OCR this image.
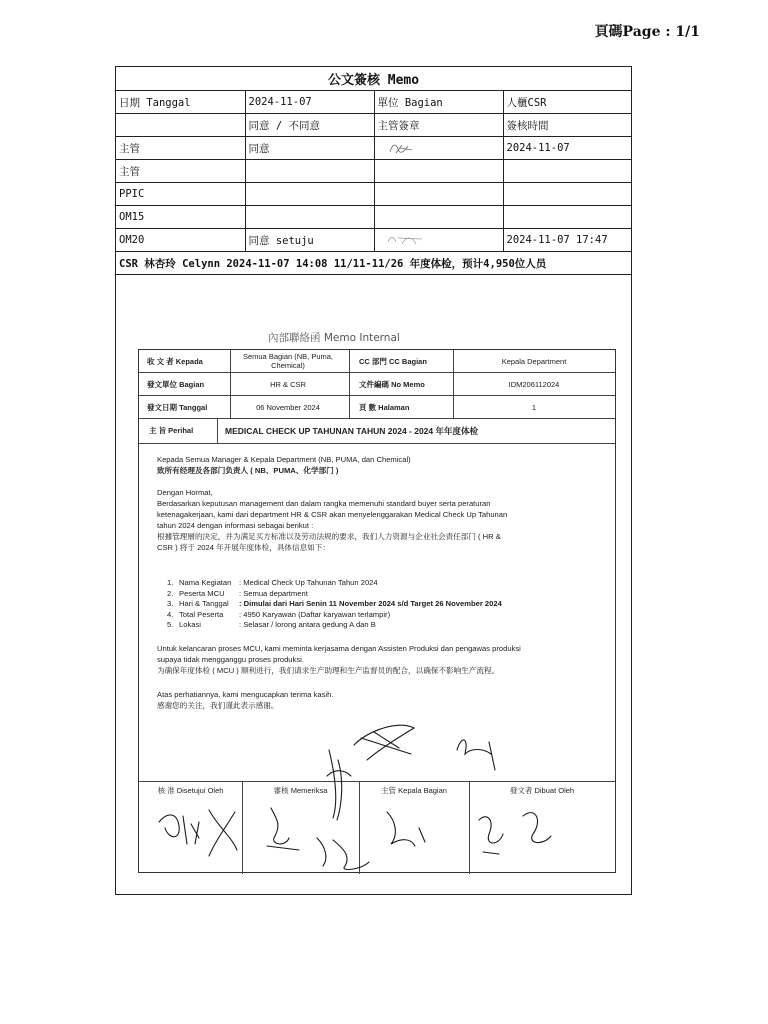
頁碼Page : 1/1
公文簽核 Memo			
日期 Tanggal	2024-11-07	單位 Bagian	人櫃CSR
	同意 / 不同意	主管簽章	簽核時間
主管	同意		2024-11-07
主管			
PPIC			
OM15			
OM20	同意 setuju		2024-11-07 17:47
CSR 林杏玲 Celynn 2024-11-07 14:08 11/11-11/26 年度体检，预计4,950位人员			
內部聯絡函 Memo Internal
收 文 者 Kepada	Semua Bagian (NB, Puma, Chemical)	CC 部門 CC Bagian	Kepala Department
發文單位 Bagian	HR & CSR	文件編碼 No Memo	IDM206112024
發文日期 Tanggal	06 November 2024	頁 數 Halaman	1
主 旨 Perihal	MEDICAL CHECK UP TAHUNAN TAHUN 2024 - 2024 年年度体检
Kepada Semua Manager & Kepala Department (NB, PUMA, dan Chemical)
致所有经理及各部门负责人 ( NB、PUMA、化学部门 )
Dengan Hormat,
Berdasarkan keputusan management dan dalam rangka memenuhi standard buyer serta peraturan
ketenagakerjaan, kami dari department HR & CSR akan menyelenggarakan Medical Check Up Tahunan
tahun 2024 dengan informasi sebagai berikut :
根據管理層的決定，并为满足买方标准以及劳动法规的要求，我们人力资源与企业社会责任部门 ( HR &
CSR ) 将于 2024 年开展年度体检，具体信息如下：
1. Nama Kegiatan	: Medical Check Up Tahunan Tahun 2024
2. Peserta MCU	: Semua department
3. Hari & Tanggal	: Dimulai dari Hari Senin 11 November 2024 s/d Target 26 November 2024
4. Total Peserta	: 4950 Karyawan (Daftar karyawan terlampir)
5. Lokasi	: Selasar / lorong antara gedung A dan B
Untuk kelancaran proses MCU, kami meminta kerjasama dengan Assisten Produksi dan pengawas produksi
supaya tidak mengganggu proses produksi.
为确保年度体检 ( MCU ) 顺利进行，我们请求生产助理和生产监督员的配合，以确保不影响生产流程。
Atas perhatiannya, kami mengucapkan terima kasih.
感谢您的关注，我们谨此表示感谢。
核 准 Disetujui Oleh	審核 Memeriksa	主管 Kepala Bagian	發文者 Dibuat Oleh
